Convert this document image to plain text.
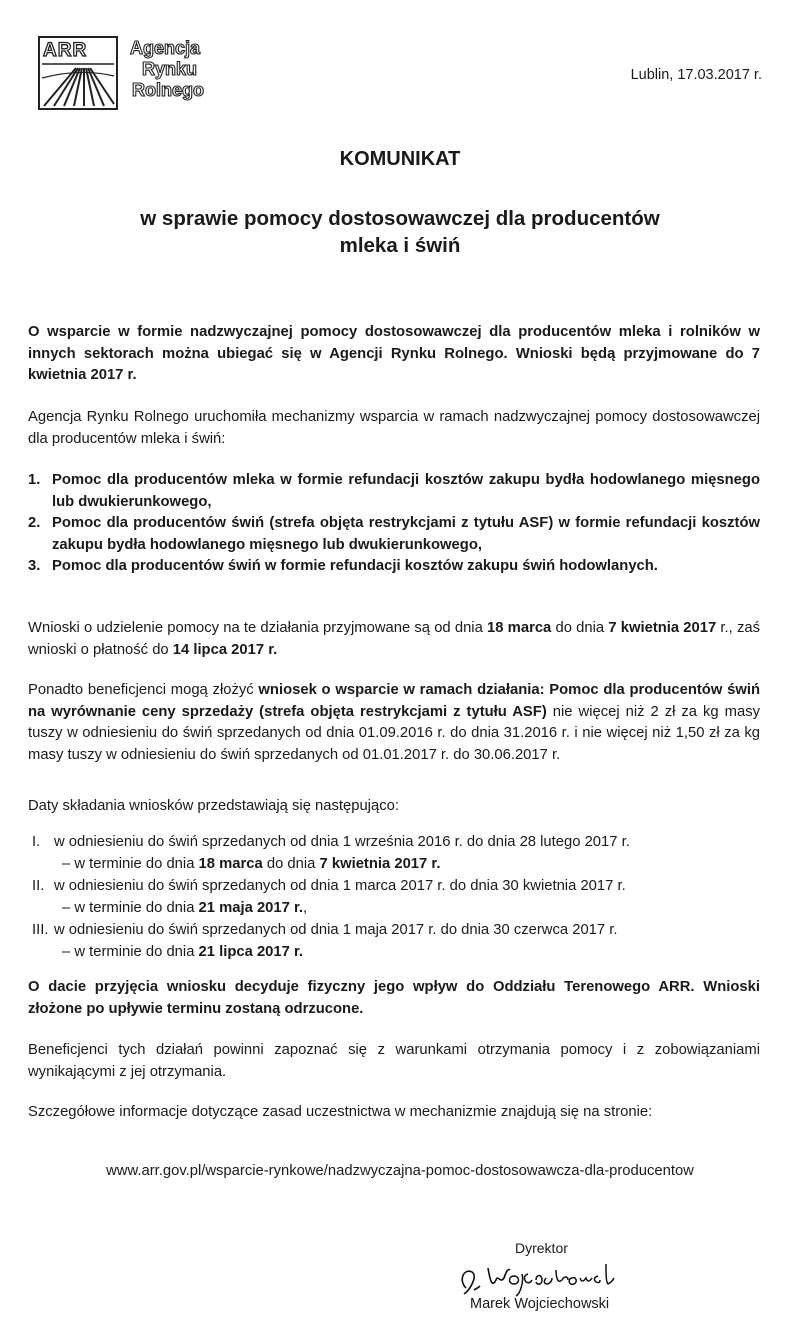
ARR Agencja
Rynku
Rolnego
Lublin, 17.03.2017 r.
KOMUNIKAT
w sprawie pomocy dostosowawczej dla producentów
mleka i świń
O wsparcie w formie nadzwyczajnej pomocy dostosowawczej dla producentów mleka i rolników w innych sektorach można ubiegać się w Agencji Rynku Rolnego. Wnioski będą przyjmowane do 7 kwietnia 2017 r.
Agencja Rynku Rolnego uruchomiła mechanizmy wsparcia w ramach nadzwyczajnej pomocy dostosowawczej dla producentów mleka i świń:
1. Pomoc dla producentów mleka w formie refundacji kosztów zakupu bydła hodowlanego mięsnego lub dwukierunkowego,
2. Pomoc dla producentów świń (strefa objęta restrykcjami z tytułu ASF) w formie refundacji kosztów zakupu bydła hodowlanego mięsnego lub dwukierunkowego,
3. Pomoc dla producentów świń w formie refundacji kosztów zakupu świń hodowlanych.
Wnioski o udzielenie pomocy na te działania przyjmowane są od dnia 18 marca do dnia 7 kwietnia 2017 r., zaś wnioski o płatność do 14 lipca 2017 r.
Ponadto beneficjenci mogą złożyć wniosek o wsparcie w ramach działania: Pomoc dla producentów świń na wyrównanie ceny sprzedaży (strefa objęta restrykcjami z tytułu ASF) nie więcej niż 2 zł za kg masy tuszy w odniesieniu do świń sprzedanych od dnia 01.09.2016 r. do dnia 31.2016 r. i nie więcej niż 1,50 zł za kg masy tuszy w odniesieniu do świń sprzedanych od 01.01.2017 r. do 30.06.2017 r.
Daty składania wniosków przedstawiają się następująco:
I. w odniesieniu do świń sprzedanych od dnia 1 września 2016 r. do dnia 28 lutego 2017 r.
– w terminie do dnia 18 marca do dnia 7 kwietnia 2017 r.
II. w odniesieniu do świń sprzedanych od dnia 1 marca 2017 r. do dnia 30 kwietnia 2017 r.
– w terminie do dnia 21 maja 2017 r.,
III. w odniesieniu do świń sprzedanych od dnia 1 maja 2017 r. do dnia 30 czerwca 2017 r.
– w terminie do dnia 21 lipca 2017 r.
O dacie przyjęcia wniosku decyduje fizyczny jego wpływ do Oddziału Terenowego ARR. Wnioski złożone po upływie terminu zostaną odrzucone.
Beneficjenci tych działań powinni zapoznać się z warunkami otrzymania pomocy i z zobowiązaniami wynikającymi z jej otrzymania.
Szczegółowe informacje dotyczące zasad uczestnictwa w mechanizmie znajdują się na stronie:
www.arr.gov.pl/wsparcie-rynkowe/nadzwyczajna-pomoc-dostosowawcza-dla-producentow
Dyrektor
Marek Wojciechowski
